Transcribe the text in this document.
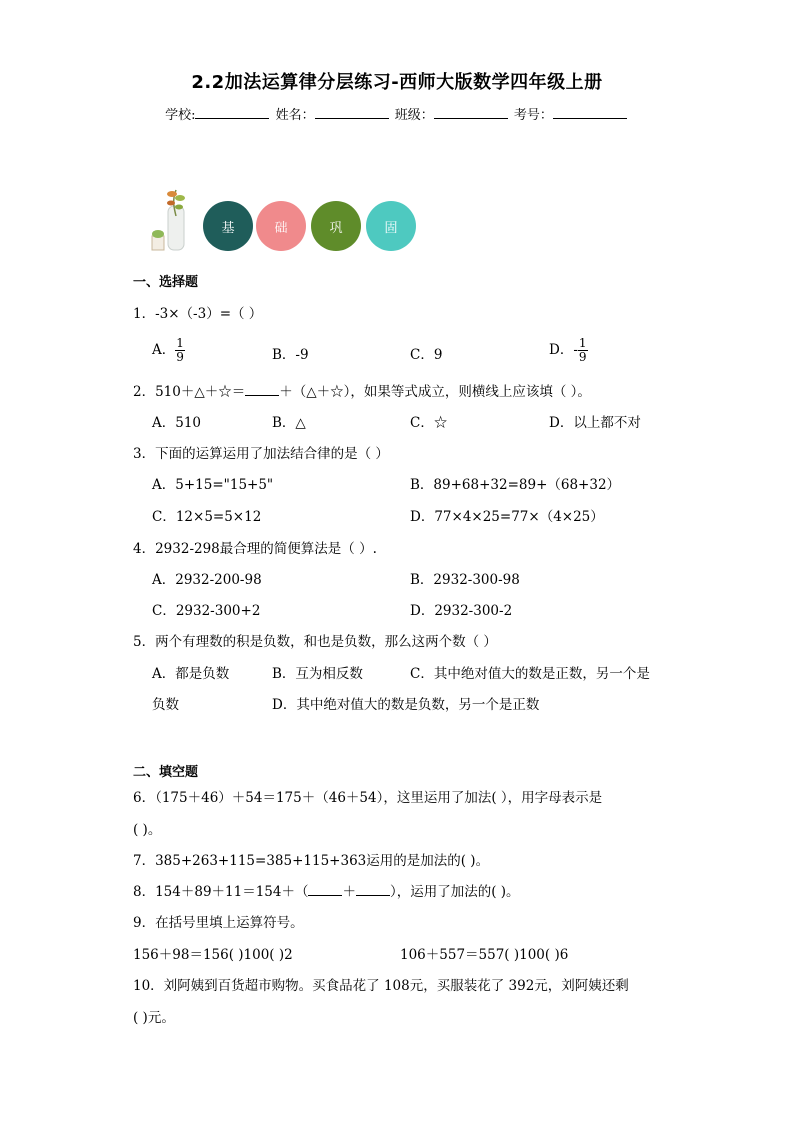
2.2加法运算律分层练习-西师大版数学四年级上册
学校:	姓名：	班级：	考号：
基	础	巩	固
一、选择题
1．-3×（-3）=（ ）
A． $\frac{1}{9}$	B．-9	C．9	D．- $\frac{1}{9}$
2．510＋△＋☆＝	＋（△＋☆），如果等式成立，则横线上应该填（ ）。
A．510	B．△	C．☆	D．以上都不对
3．下面的运算运用了加法结合律的是（ ）
A．5+15="15+5"	B．89+68+32=89+（68+32）
C．12×5=5×12	D．77×4×25=77×（4×25）
4．2932-298最合理的简便算法是（ ）.
A．2932-200-98	B．2932-300-98
C．2932-300+2	D．2932-300-2
5．两个有理数的积是负数，和也是负数，那么这两个数（ ）
A．都是负数	B．互为相反数	C．其中绝对值大的数是正数，另一个是
负数	D．其中绝对值大的数是负数，另一个是正数
二、填空题
6．（175＋46）＋54＝175＋（46＋54），这里运用了加法( ），用字母表示是
( )。
7．385+263+115=385+115+363运用的是加法的( )。
8．154＋89＋11＝154＋（	＋	），运用了加法的( )。
9．在括号里填上运算符号。
156＋98＝156( )100( )2	106＋557＝557( )100( )6
10．刘阿姨到百货超市购物。买食品花了 108元，买服装花了 392元，刘阿姨还剩
( )元。
